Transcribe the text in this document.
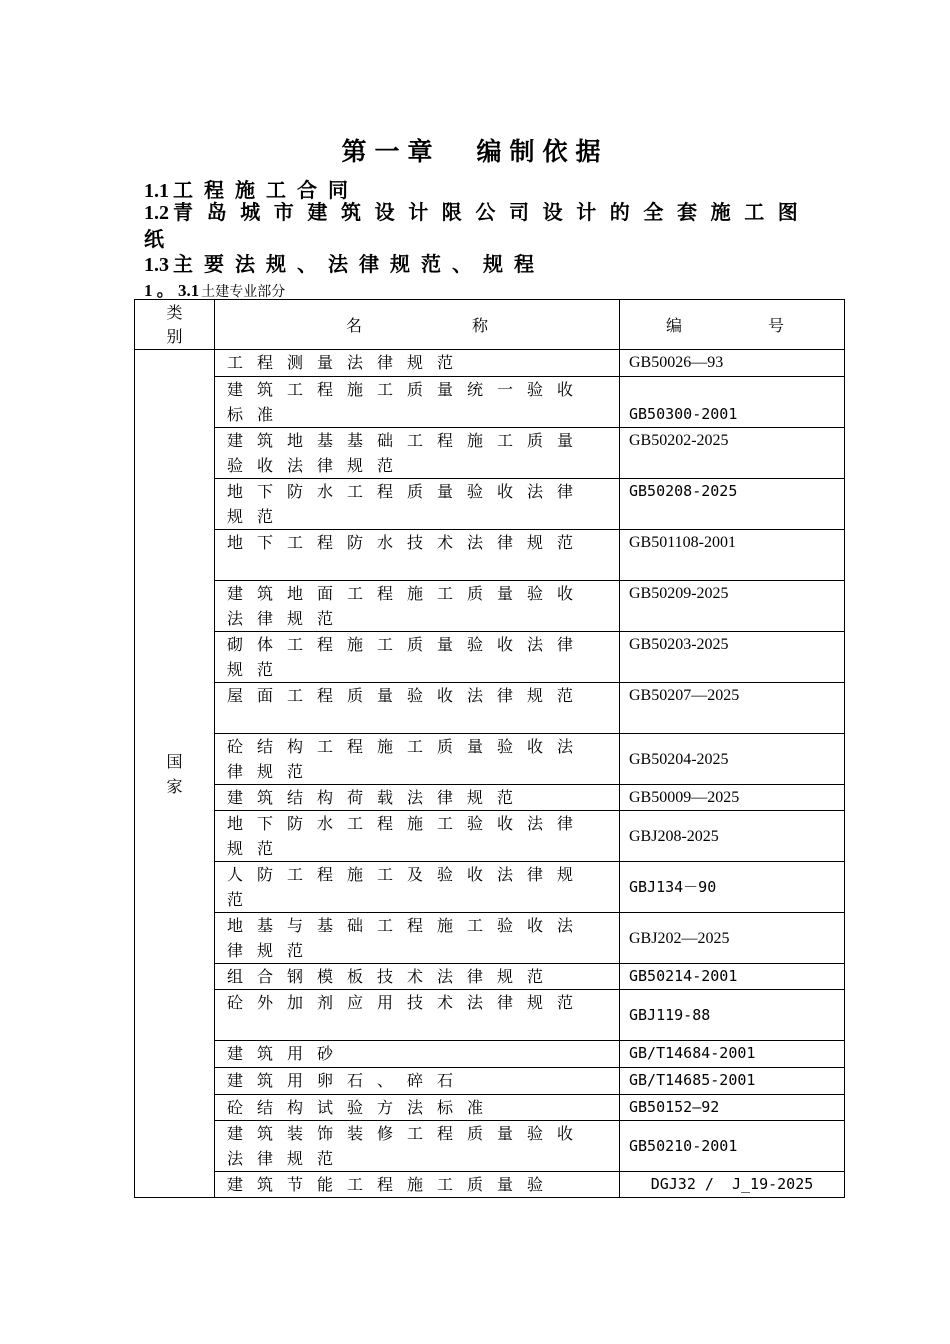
第一章 编制依据
1.1 工程施工合同
1.2 青岛城市建筑设计限公司设计的全套施工图纸
1.3 主要法规、法律规范、规程
1 。 3.1 土建专业部分
类别	名 称	编 号
国家	工程测量法律规范	GB50026—93
	建筑工程施工质量统一验收标准	GB50300-2001
	建筑地基基础工程施工质量验收法律规范	GB50202-2025
	地下防水工程质量验收法律规范	GB50208-2025
	地下工程防水技术法律规范	GB501108-2001
	建筑地面工程施工质量验收法律规范	GB50209-2025
	砌体工程施工质量验收法律规范	GB50203-2025
	屋面工程质量验收法律规范	GB50207—2025
	砼结构工程施工质量验收法律规范	GB50204-2025
	建筑结构荷载法律规范	GB50009—2025
	地下防水工程施工验收法律规范	GBJ208-2025
	人防工程施工及验收法律规范	GBJ134－90
	地基与基础工程施工验收法律规范	GBJ202—2025
	组合钢模板技术法律规范	GB50214-2001
	砼外加剂应用技术法律规范	GBJ119-88
	建筑用砂	GB/T14684-2001
	建筑用卵石、碎石	GB/T14685-2001
	砼结构试验方法标准	GB50152—92
	建筑装饰装修工程质量验收法律规范	GB50210-2001
	建筑节能工程施工质量验	DGJ32 /  J_19-2025
